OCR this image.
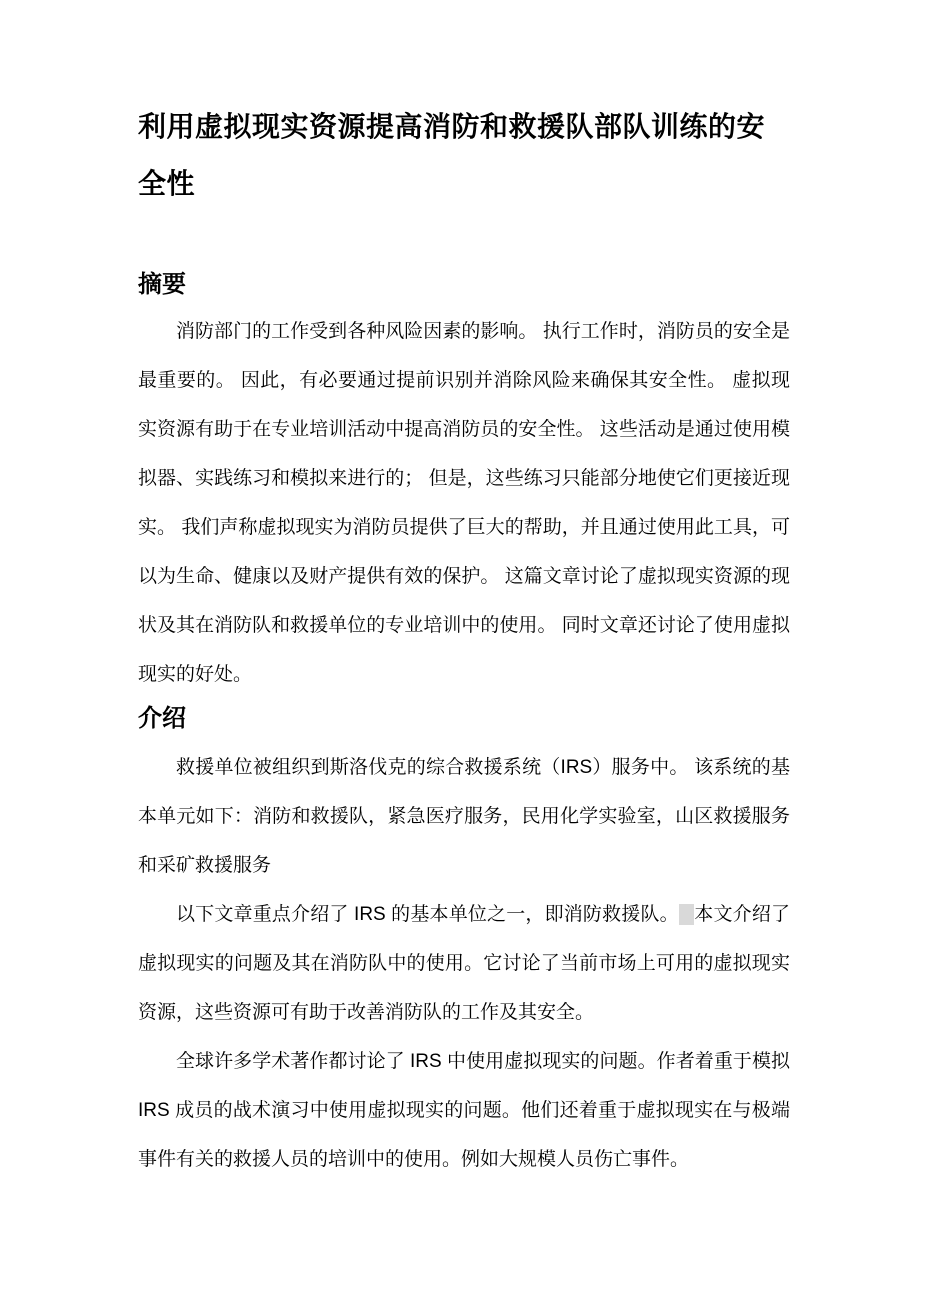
利用虚拟现实资源提高消防和救援队部队训练的安全性
摘要

消防部门的工作受到各种风险因素的影响。 执行工作时，消防员的安全是最重要的。 因此，有必要通过提前识别并消除风险来确保其安全性。 虚拟现实资源有助于在专业培训活动中提高消防员的安全性。 这些活动是通过使用模拟器、实践练习和模拟来进行的； 但是，这些练习只能部分地使它们更接近现实。 我们声称虚拟现实为消防员提供了巨大的帮助，并且通过使用此工具，可以为生命、健康以及财产提供有效的保护。 这篇文章讨论了虚拟现实资源的现状及其在消防队和救援单位的专业培训中的使用。 同时文章还讨论了使用虚拟现实的好处。

介绍

救援单位被组织到斯洛伐克的综合救援系统（IRS）服务中。 该系统的基本单元如下：消防和救援队，紧急医疗服务，民用化学实验室，山区救援服务和采矿救援服务

以下文章重点介绍了 IRS 的基本单位之一，即消防救援队。 本文介绍了虚拟现实的问题及其在消防队中的使用。它讨论了当前市场上可用的虚拟现实资源，这些资源可有助于改善消防队的工作及其安全。

全球许多学术著作都讨论了 IRS 中使用虚拟现实的问题。作者着重于模拟 IRS 成员的战术演习中使用虚拟现实的问题。他们还着重于虚拟现实在与极端事件有关的救援人员的培训中的使用。例如大规模人员伤亡事件。
